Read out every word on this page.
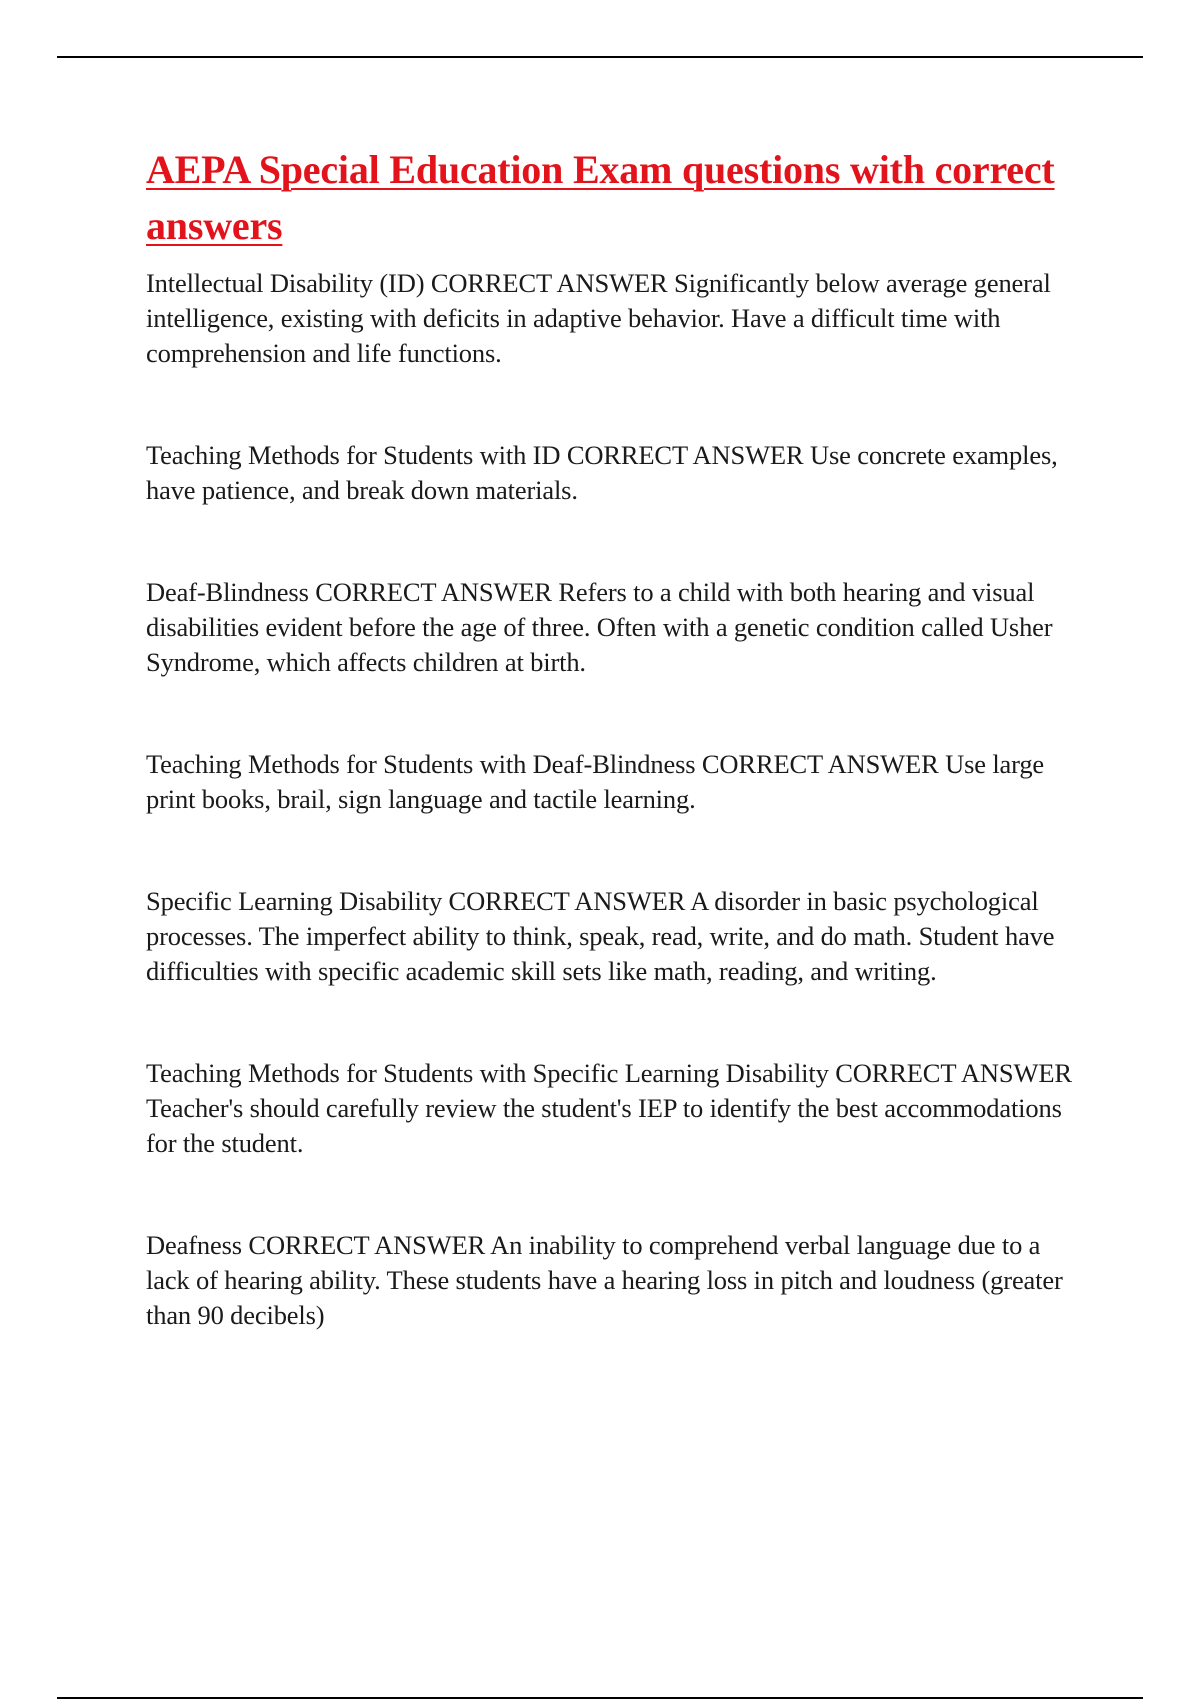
AEPA Special Education Exam questions with correct answers

Intellectual Disability (ID) CORRECT ANSWER Significantly below average general intelligence, existing with deficits in adaptive behavior. Have a difficult time with comprehension and life functions.

Teaching Methods for Students with ID CORRECT ANSWER Use concrete examples, have patience, and break down materials.

Deaf-Blindness CORRECT ANSWER Refers to a child with both hearing and visual disabilities evident before the age of three. Often with a genetic condition called Usher Syndrome, which affects children at birth.

Teaching Methods for Students with Deaf-Blindness CORRECT ANSWER Use large print books, brail, sign language and tactile learning.

Specific Learning Disability CORRECT ANSWER A disorder in basic psychological processes. The imperfect ability to think, speak, read, write, and do math. Student have difficulties with specific academic skill sets like math, reading, and writing.

Teaching Methods for Students with Specific Learning Disability CORRECT ANSWER Teacher's should carefully review the student's IEP to identify the best accommodations for the student.

Deafness CORRECT ANSWER An inability to comprehend verbal language due to a lack of hearing ability. These students have a hearing loss in pitch and loudness (greater than 90 decibels)
